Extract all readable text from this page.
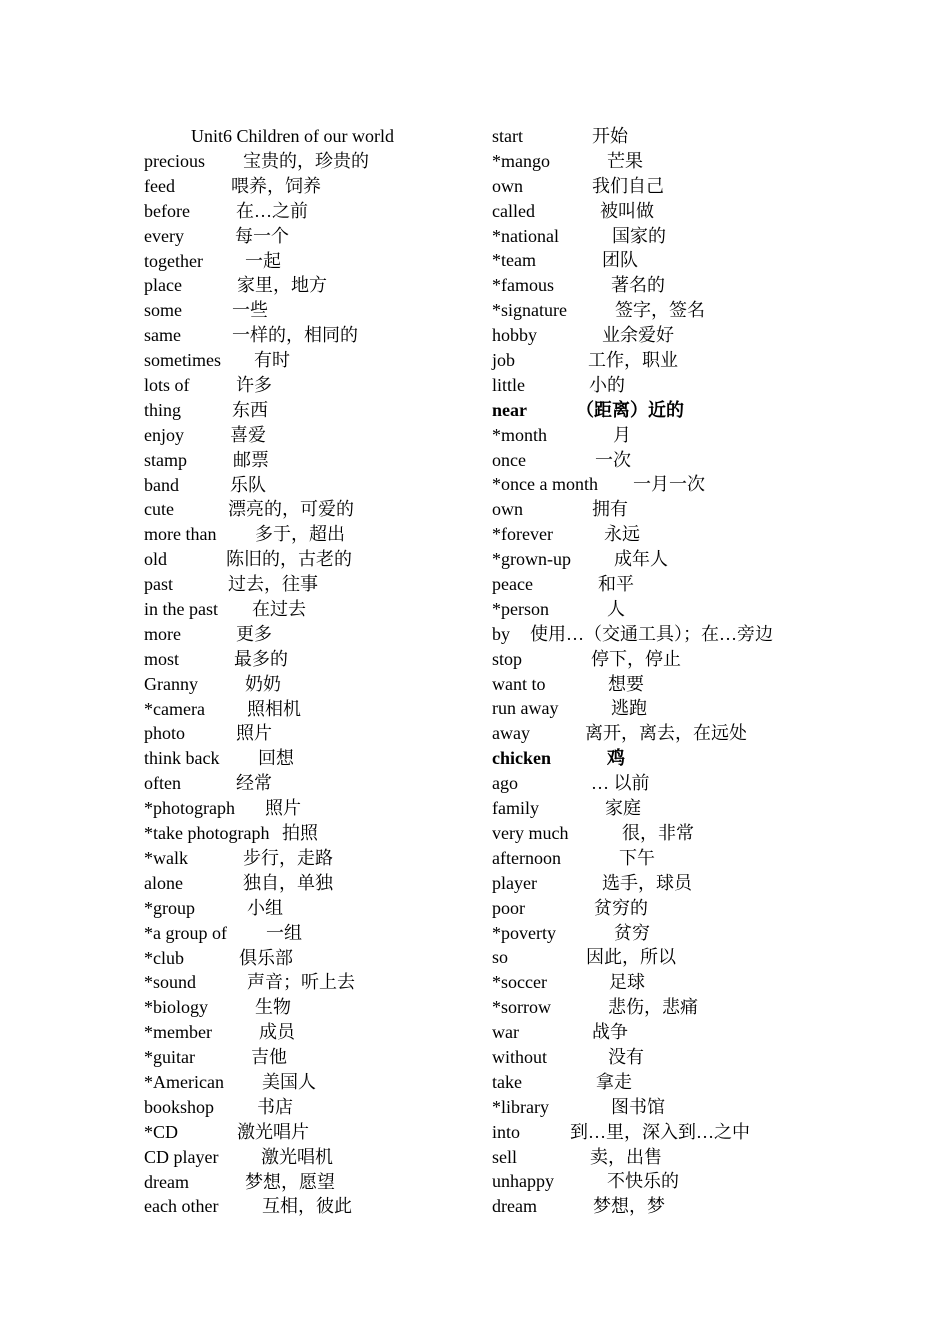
Unit6 Children of our world
precious 宝贵的，珍贵的
feed	喂养，饲养
before	在…之前
every	每一个
together 一起
place	家里，地方
some	一些
same	一样的，相同的
sometimes 有时
lots of	许多
thing	东西
enjoy	喜爱
stamp	邮票
band	乐队
cute	漂亮的，可爱的
more than 多于，超出
old	陈旧的，古老的
past	过去，往事
in the past 在过去
more	更多
most	最多的
Granny	奶奶
*camera 照相机
photo	照片
think back 回想
often	经常
*photograph 照片
*take photograph 拍照
*walk	步行，走路
alone	独自，单独
*group	小组
*a group of 一组
*club	俱乐部
*sound	声音；听上去
*biology	生物
*member	成员
*guitar	吉他
*American 美国人
bookshop 书店
*CD	激光唱片
CD player 激光唱机
dream	梦想，愿望
each other 互相，彼此
start	开始
*mango	芒果
own	我们自己
called	被叫做
*national	国家的
*team	团队
*famous	著名的
*signature	签字，签名
hobby	业余爱好
job	工作，职业
little	小的
near	（距离）近的
*month	月
once	一次
*once a month 一月一次
own	拥有
*forever	永远
*grown-up 成年人
peace	和平
*person	人
by 使用…（交通工具）；在…旁边
stop	停下，停止
want to	想要
run away	逃跑
away	离开，离去，在远处
chicken	鸡
ago	… 以前
family	家庭
very much	很，非常
afternoon	下午
player	选手，球员
poor	贫穷的
*poverty	贫穷
so	因此，所以
*soccer	足球
*sorrow	悲伤，悲痛
war	战争
without	没有
take	拿走
*library	图书馆
into	到…里，深入到…之中
sell	卖，出售
unhappy	不快乐的
dream	梦想，梦
